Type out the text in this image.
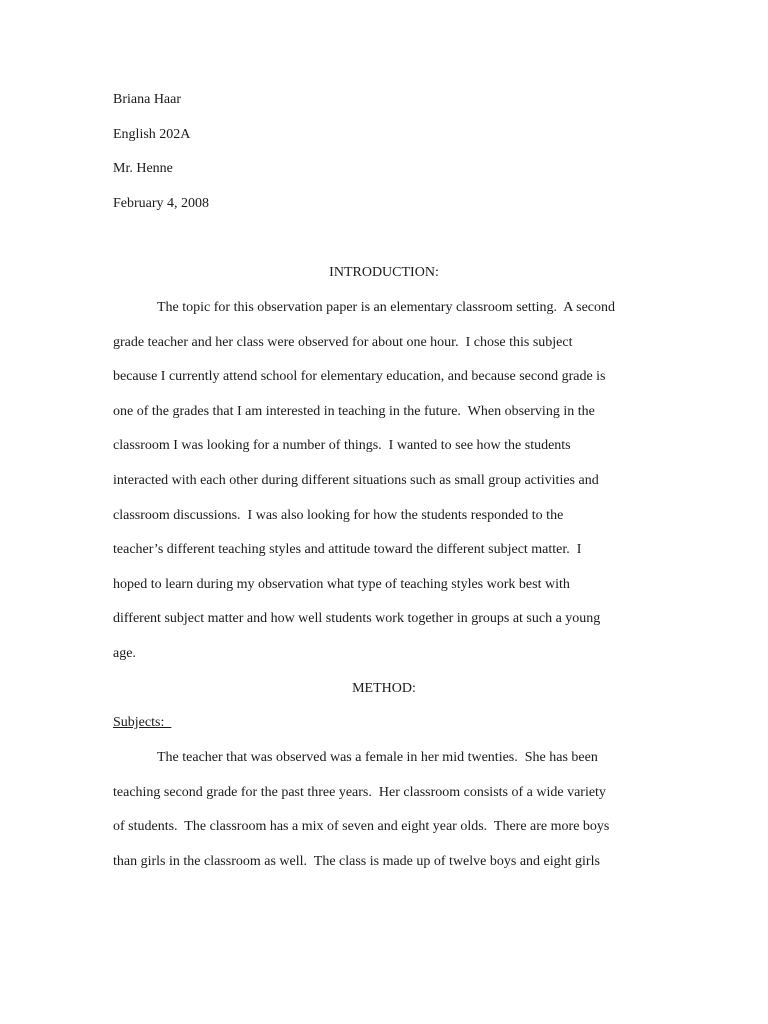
Briana Haar
English 202A
Mr. Henne
February 4, 2008
INTRODUCTION:
The topic for this observation paper is an elementary classroom setting.  A second
grade teacher and her class were observed for about one hour.  I chose this subject
because I currently attend school for elementary education, and because second grade is
one of the grades that I am interested in teaching in the future.  When observing in the
classroom I was looking for a number of things.  I wanted to see how the students
interacted with each other during different situations such as small group activities and
classroom discussions.  I was also looking for how the students responded to the
teacher’s different teaching styles and attitude toward the different subject matter.  I
hoped to learn during my observation what type of teaching styles work best with
different subject matter and how well students work together in groups at such a young
age.
METHOD:
Subjects:
The teacher that was observed was a female in her mid twenties.  She has been
teaching second grade for the past three years.  Her classroom consists of a wide variety
of students.  The classroom has a mix of seven and eight year olds.  There are more boys
than girls in the classroom as well.  The class is made up of twelve boys and eight girls
